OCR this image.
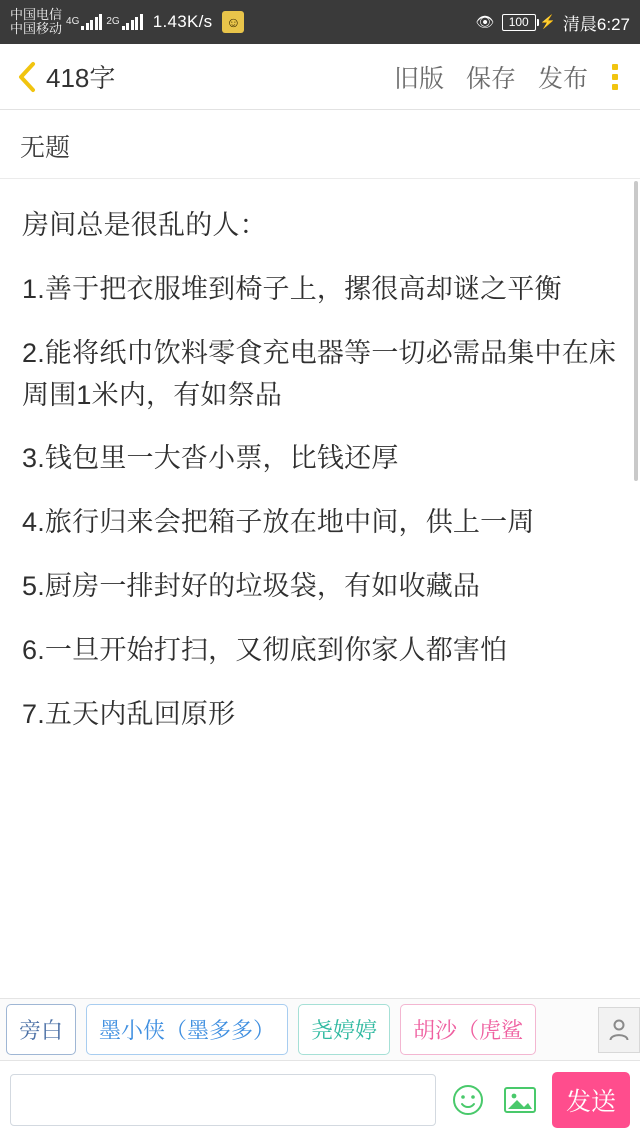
中国电信
中国移动 4G	2G 1.43K/s ☺	👁	100 ⚡ 清晨6:27
418字	旧版 保存 发布
无题
房间总是很乱的人：
1.善于把衣服堆到椅子上，摞很高却谜之平衡
2.能将纸巾饮料零食充电器等一切必需品集中在床周围1米内，有如祭品
3.钱包里一大沓小票，比钱还厚
4.旅行归来会把箱子放在地中间，供上一周
5.厨房一排封好的垃圾袋，有如收藏品
6.一旦开始打扫，又彻底到你家人都害怕
7.五天内乱回原形
旁白	墨小侠（墨多多）	尧婷婷	胡沙（虎鲨
发送
